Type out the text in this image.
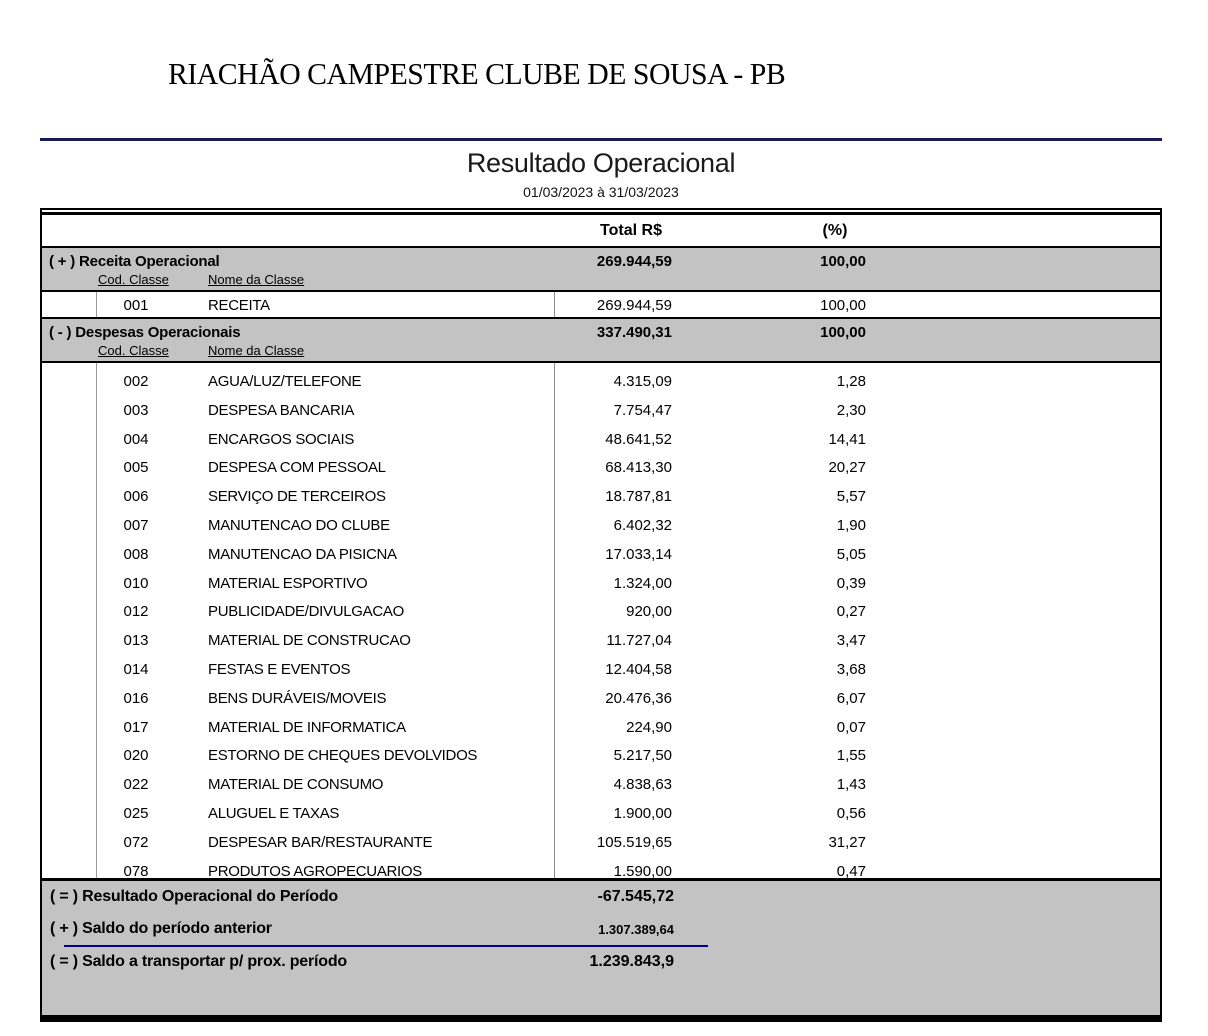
RIACHÃO CAMPESTRE CLUBE DE SOUSA - PB
Resultado Operacional
01/03/2023 à 31/03/2023
Total R$	(%)
( + ) Receita Operacional	269.944,59	100,00
Cod. Classe	Nome da Classe
001	RECEITA	269.944,59	100,00
( - ) Despesas Operacionais	337.490,31	100,00
Cod. Classe	Nome da Classe
002	AGUA/LUZ/TELEFONE	4.315,09	1,28
003	DESPESA BANCARIA	7.754,47	2,30
004	ENCARGOS SOCIAIS	48.641,52	14,41
005	DESPESA COM PESSOAL	68.413,30	20,27
006	SERVIÇO DE TERCEIROS	18.787,81	5,57
007	MANUTENCAO DO CLUBE	6.402,32	1,90
008	MANUTENCAO DA PISICNA	17.033,14	5,05
010	MATERIAL ESPORTIVO	1.324,00	0,39
012	PUBLICIDADE/DIVULGACAO	920,00	0,27
013	MATERIAL DE CONSTRUCAO	11.727,04	3,47
014	FESTAS E EVENTOS	12.404,58	3,68
016	BENS DURÁVEIS/MOVEIS	20.476,36	6,07
017	MATERIAL DE INFORMATICA	224,90	0,07
020	ESTORNO DE CHEQUES DEVOLVIDOS	5.217,50	1,55
022	MATERIAL DE CONSUMO	4.838,63	1,43
025	ALUGUEL E TAXAS	1.900,00	0,56
072	DESPESAR BAR/RESTAURANTE	105.519,65	31,27
078	PRODUTOS AGROPECUARIOS	1.590,00	0,47
( = ) Resultado Operacional do Período	-67.545,72
( + ) Saldo do período anterior	1.307.389,64
( = ) Saldo a transportar p/ prox. período	1.239.843,9
